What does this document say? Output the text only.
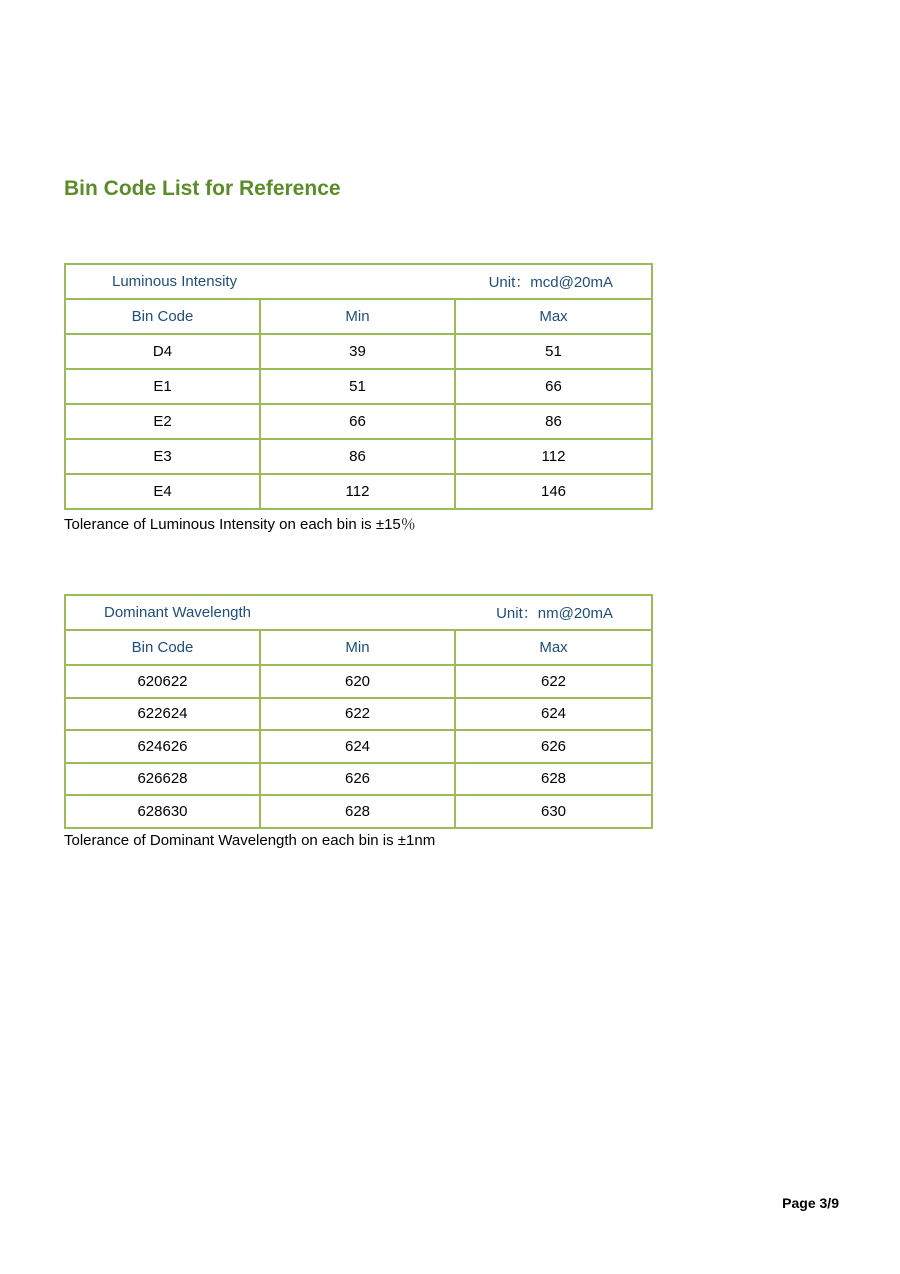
Bin Code List for Reference
Luminous Intensity Unit：mcd@20mA		

Bin Code	Min	Max
D4	39	51
E1	51	66
E2	66	86
E3	86	112
E4	112	146

Tolerance of Luminous Intensity on each bin is ±15％

Dominant Wavelength Unit：nm@20mA		

Bin Code	Min	Max
620622	620	622
622624	622	624
624626	624	626
626628	626	628
628630	628	630

Tolerance of Dominant Wavelength on each bin is ±1nm

Page 3/9
